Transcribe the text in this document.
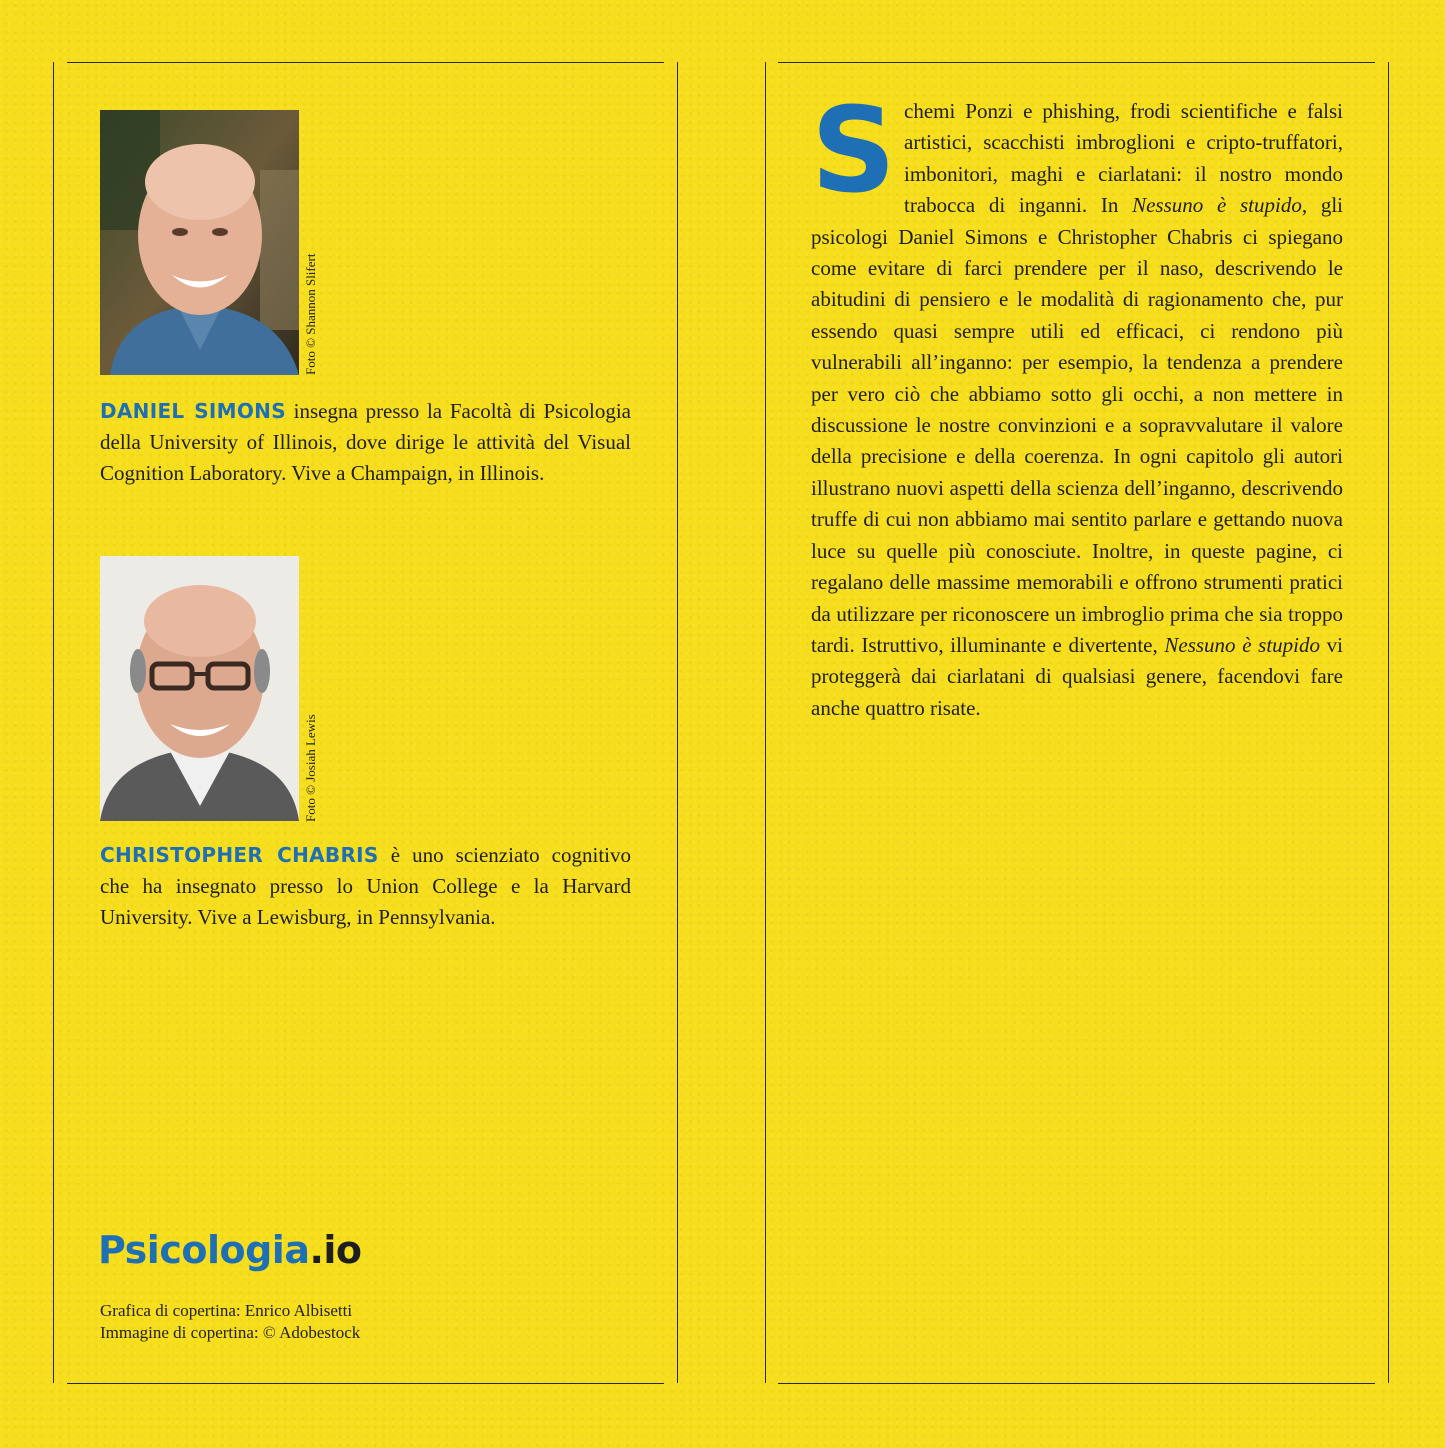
Foto © Shannon Slifert
DANIEL SIMONS insegna presso la Facoltà di Psicologia della University of Illinois, dove dirige le attività del Visual Cognition Laboratory. Vive a Champaign, in Illinois.
Foto © Josiah Lewis
CHRISTOPHER CHABRIS è uno scienziato cognitivo che ha insegnato presso lo Union College e la Harvard University. Vive a Lewisburg, in Pennsylvania.
Psicologia.io
Grafica di copertina: Enrico Albisetti
Immagine di copertina: © Adobestock
Schemi Ponzi e phishing, frodi scientifiche e falsi artistici, scacchisti imbroglioni e cripto-truffatori, imbonitori, maghi e ciarlatani: il nostro mondo trabocca di inganni. In Nessuno è stupido, gli psicologi Daniel Simons e Christopher Chabris ci spiegano come evitare di farci prendere per il naso, descrivendo le abitudini di pensiero e le modalità di ragionamento che, pur essendo quasi sempre utili ed efficaci, ci rendono più vulnerabili all’inganno: per esempio, la tendenza a prendere per vero ciò che abbiamo sotto gli occhi, a non mettere in discussione le nostre convinzioni e a sopravvalutare il valore della precisione e della coerenza. In ogni capitolo gli autori illustrano nuovi aspetti della scienza dell’inganno, descrivendo truffe di cui non abbiamo mai sentito parlare e gettando nuova luce su quelle più conosciute. Inoltre, in queste pagine, ci regalano delle massime memorabili e offrono strumenti pratici da utilizzare per riconoscere un imbroglio prima che sia troppo tardi. Istruttivo, illuminante e divertente, Nessuno è stupido vi proteggerà dai ciarlatani di qualsiasi genere, facendovi fare anche quattro risate.
